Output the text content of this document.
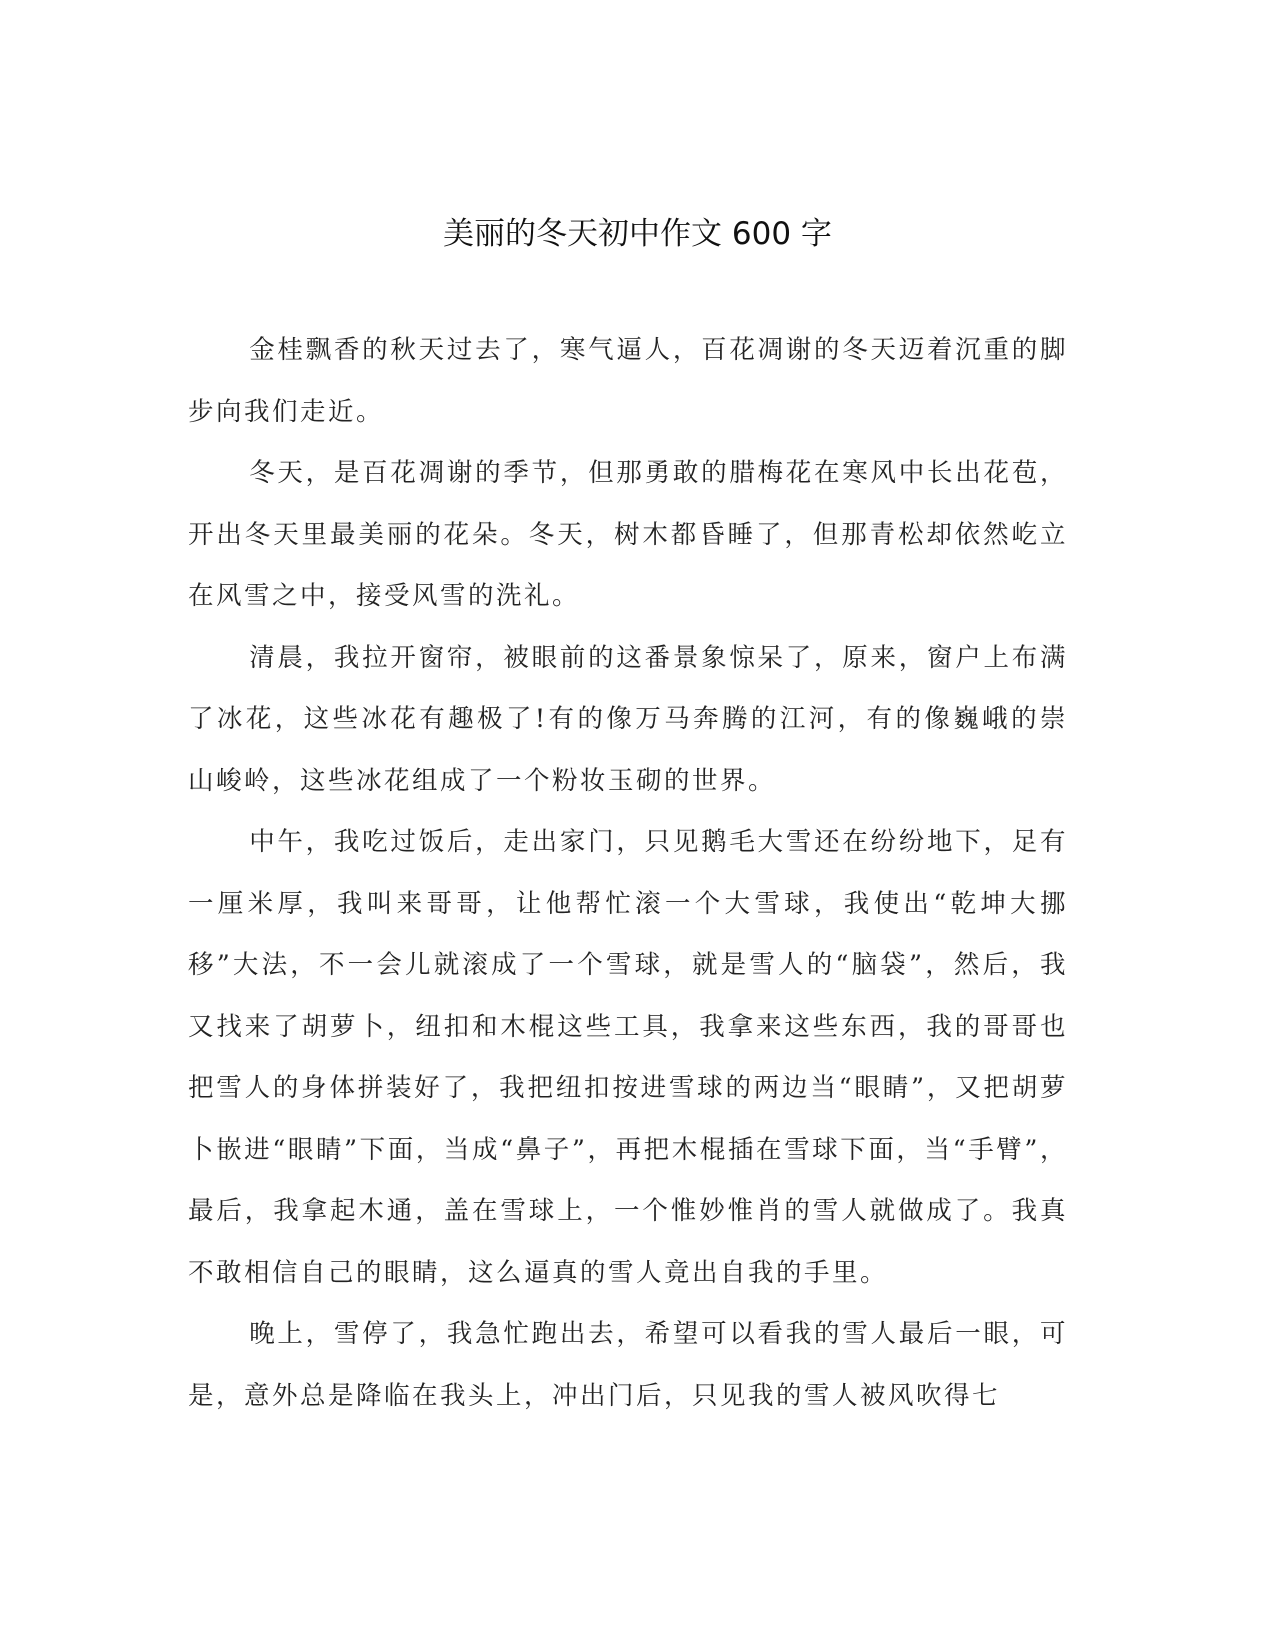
美丽的冬天初中作文 600 字

金桂飘香的秋天过去了，寒气逼人，百花凋谢的冬天迈着沉重的脚步向我们走近。

冬天，是百花凋谢的季节，但那勇敢的腊梅花在寒风中长出花苞，开出冬天里最美丽的花朵。冬天，树木都昏睡了，但那青松却依然屹立在风雪之中，接受风雪的洗礼。

清晨，我拉开窗帘，被眼前的这番景象惊呆了，原来，窗户上布满了冰花，这些冰花有趣极了!有的像万马奔腾的江河，有的像巍峨的崇山峻岭，这些冰花组成了一个粉妆玉砌的世界。

中午，我吃过饭后，走出家门，只见鹅毛大雪还在纷纷地下，足有一厘米厚，我叫来哥哥，让他帮忙滚一个大雪球，我使出“乾坤大挪移”大法，不一会儿就滚成了一个雪球，就是雪人的“脑袋”，然后，我又找来了胡萝卜，纽扣和木棍这些工具，我拿来这些东西，我的哥哥也把雪人的身体拼装好了，我把纽扣按进雪球的两边当“眼睛”，又把胡萝卜嵌进“眼睛”下面，当成“鼻子”，再把木棍插在雪球下面，当“手臂”，最后，我拿起木通，盖在雪球上，一个惟妙惟肖的雪人就做成了。我真不敢相信自己的眼睛，这么逼真的雪人竟出自我的手里。

晚上，雪停了，我急忙跑出去，希望可以看我的雪人最后一眼，可是，意外总是降临在我头上，冲出门后，只见我的雪人被风吹得七
